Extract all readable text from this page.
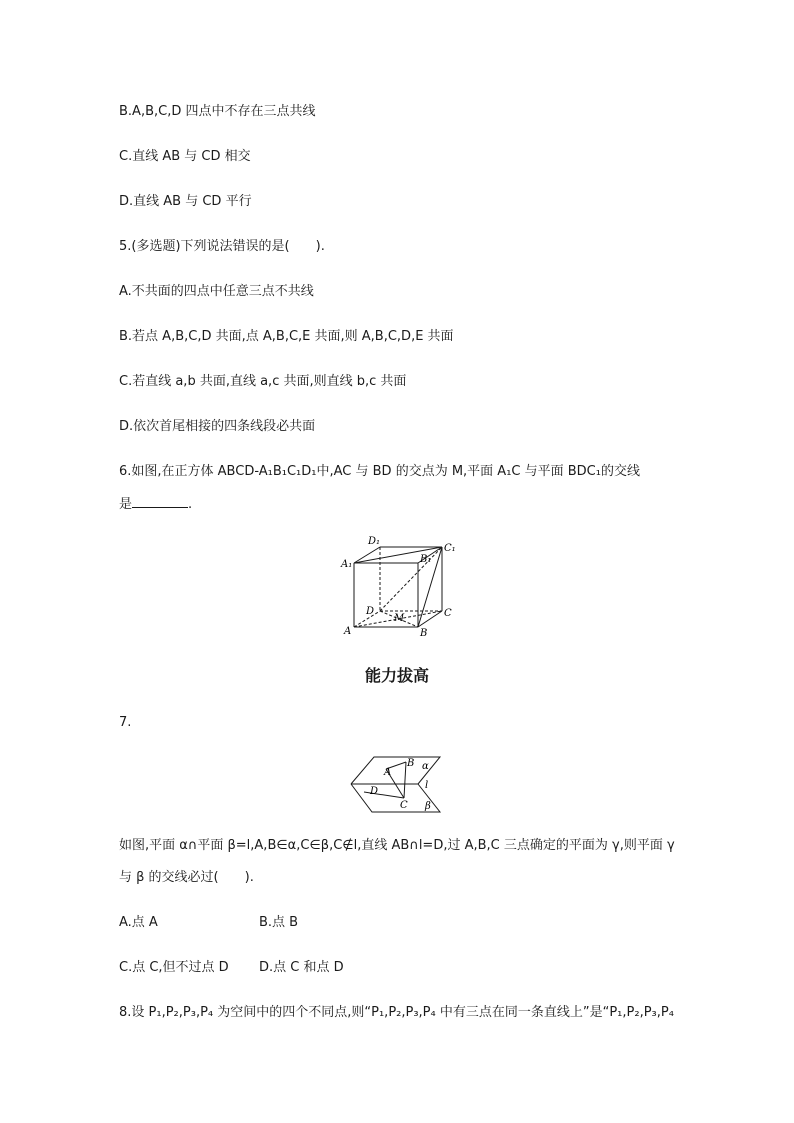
B.A,B,C,D 四点中不存在三点共线
C.直线 AB 与 CD 相交
D.直线 AB 与 CD 平行
5.(多选题)下列说法错误的是(　　).
A.不共面的四点中任意三点不共线
B.若点 A,B,C,D 共面,点 A,B,C,E 共面,则 A,B,C,D,E 共面
C.若直线 a,b 共面,直线 a,c 共面,则直线 b,c 共面
D.依次首尾相接的四条线段必共面
6.如图,在正方体 ABCD-A₁B₁C₁D₁中,AC 与 BD 的交点为 M,平面 A₁C 与平面 BDC₁的交线
是	.
D₁
C₁
A₁	B₁
D	C
A	B
M
能力拔高
7.
α
β
l
A
B
C
D
如图,平面 α∩平面 β=l,A,B∈α,C∈β,C∉l,直线 AB∩l=D,过 A,B,C 三点确定的平面为 γ,则平面 γ
与 β 的交线必过(　　).
A.点 A	B.点 B
C.点 C,但不过点 D D.点 C 和点 D
8.设 P₁,P₂,P₃,P₄ 为空间中的四个不同点,则“P₁,P₂,P₃,P₄ 中有三点在同一条直线上”是“P₁,P₂,P₃,P₄
